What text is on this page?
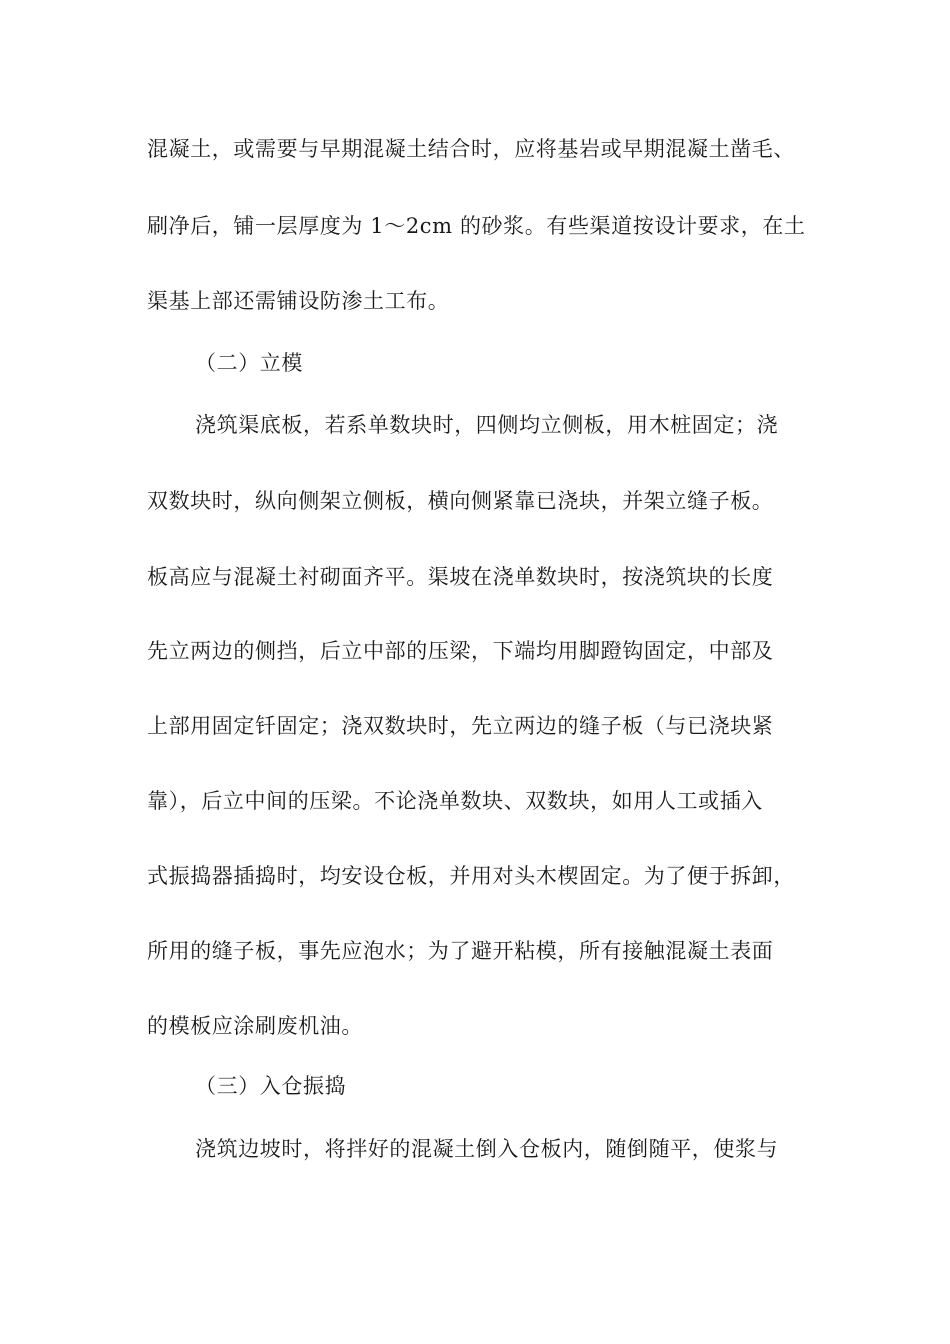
混凝土，或需要与早期混凝土结合时，应将基岩或早期混凝土凿毛、
刷净后，铺一层厚度为 1～2cm 的砂浆。有些渠道按设计要求，在土
渠基上部还需铺设防渗土工布。
（二）立模
浇筑渠底板，若系单数块时，四侧均立侧板，用木桩固定；浇
双数块时，纵向侧架立侧板，横向侧紧靠已浇块，并架立缝子板。
板高应与混凝土衬砌面齐平。渠坡在浇单数块时，按浇筑块的长度
先立两边的侧挡，后立中部的压梁，下端均用脚蹬钩固定，中部及
上部用固定钎固定；浇双数块时，先立两边的缝子板（与已浇块紧
靠），后立中间的压梁。不论浇单数块、双数块，如用人工或插入
式振捣器插捣时，均安设仓板，并用对头木楔固定。为了便于拆卸，
所用的缝子板，事先应泡水；为了避开粘模，所有接触混凝土表面
的模板应涂刷废机油。
（三）入仓振捣
浇筑边坡时，将拌好的混凝土倒入仓板内，随倒随平，使浆与
